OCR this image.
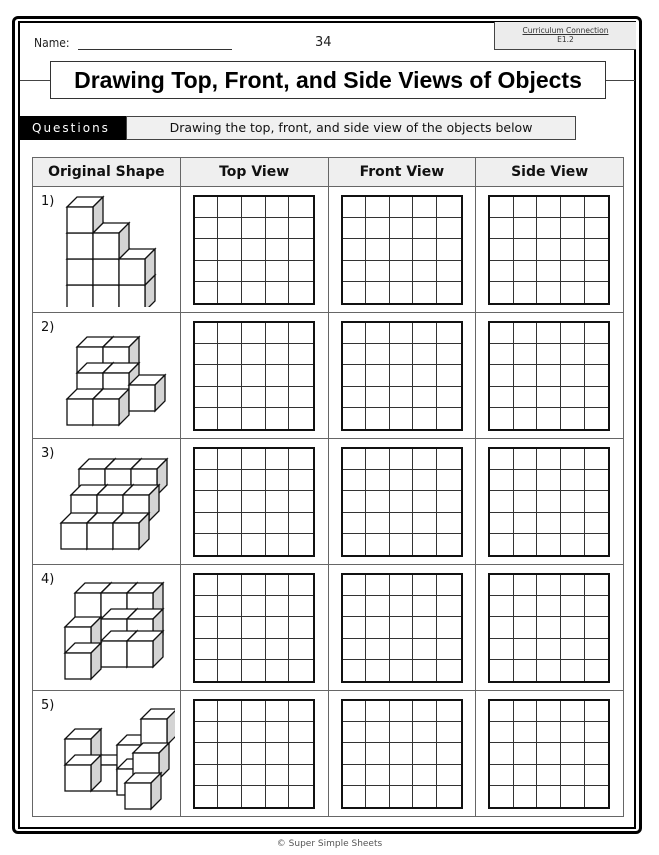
Name:	34
Curriculum Connection
E1.2
Drawing Top, Front, and Side Views of Objects
Questions	Drawing the top, front, and side view of the objects below
Original Shape	Top View	Front View	Side View

1)			

2)			

3)			

4)			

5)			

© Super Simple Sheets
